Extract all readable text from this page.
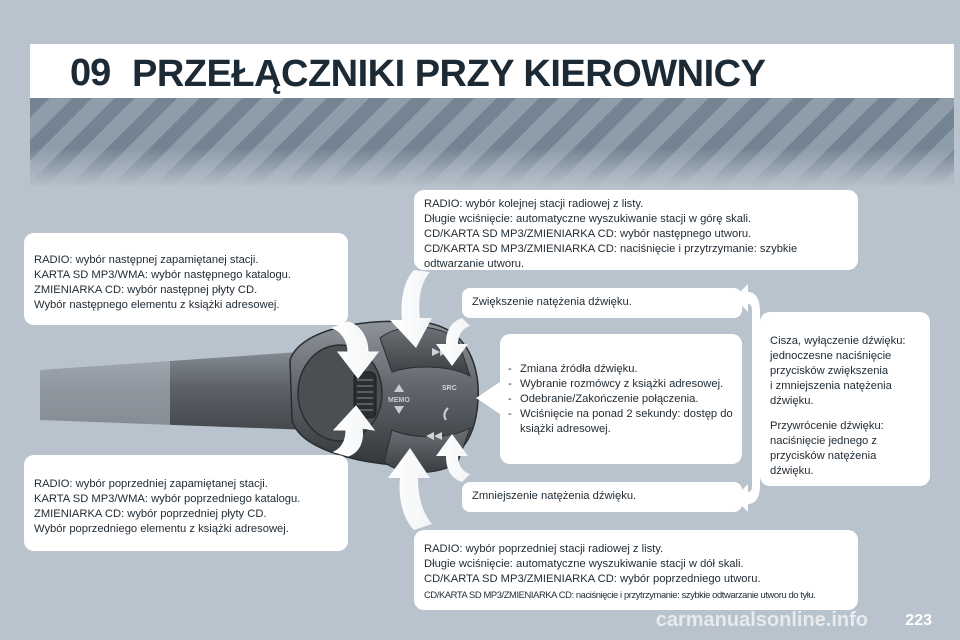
09 PRZEŁĄCZNIKI PRZY KIEROWNICY
MEMO
SRC
RADIO: wybór następnej zapamiętanej stacji.
KARTA SD MP3/WMA: wybór następnego katalogu.
ZMIENIARKA CD: wybór następnej płyty CD.
Wybór następnego elementu z książki adresowej.
RADIO: wybór poprzedniej zapamiętanej stacji.
KARTA SD MP3/WMA: wybór poprzedniego katalogu.
ZMIENIARKA CD: wybór poprzedniej płyty CD.
Wybór poprzedniego elementu z książki adresowej.
RADIO: wybór kolejnej stacji radiowej z listy.
Długie wciśnięcie: automatyczne wyszukiwanie stacji w górę skali.
CD/KARTA SD MP3/ZMIENIARKA CD: wybór następnego utworu.
CD/KARTA SD MP3/ZMIENIARKA CD: naciśnięcie i przytrzymanie: szybkie
odtwarzanie utworu.
Zwiększenie natężenia dźwięku.
- Zmiana źródła dźwięku.
- Wybranie rozmówcy z książki adresowej.
- Odebranie/Zakończenie połączenia.
- Wciśnięcie na ponad 2 sekundy: dostęp do
książki adresowej.
Cisza, wyłączenie dźwięku:
jednoczesne naciśnięcie
przycisków zwiększenia
i zmniejszenia natężenia
dźwięku.
Przywrócenie dźwięku:
naciśnięcie jednego z
przycisków natężenia
dźwięku.
Zmniejszenie natężenia dźwięku.
RADIO: wybór poprzedniej stacji radiowej z listy.
Długie wciśnięcie: automatyczne wyszukiwanie stacji w dół skali.
CD/KARTA SD MP3/ZMIENIARKA CD: wybór poprzedniego utworu.
CD/KARTA SD MP3/ZMIENIARKA CD: naciśnięcie i przytrzymanie: szybkie odtwarzanie utworu do tyłu.
carmanualsonline.info 223
